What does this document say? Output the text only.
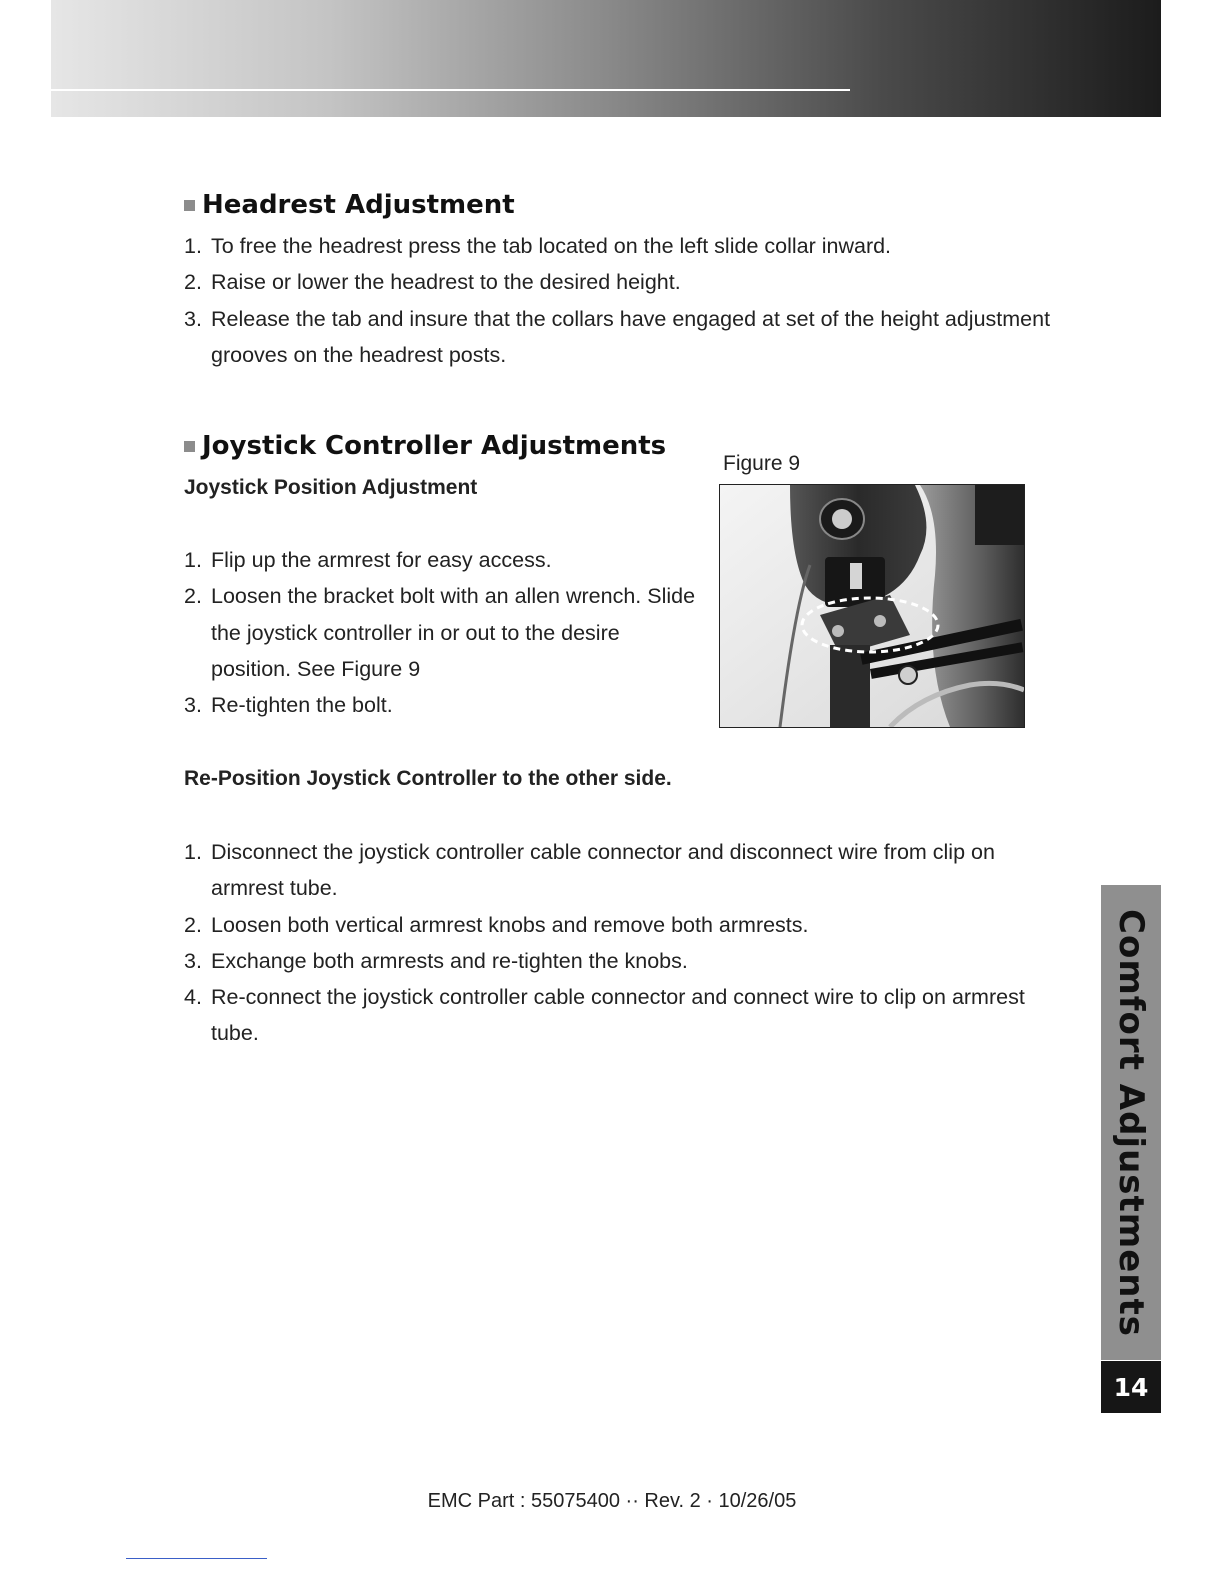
Headrest Adjustment
1. To free the headrest press the tab located on the left slide collar inward.
2. Raise or lower the headrest to the desired height.
3. Release the tab and insure that the collars have engaged at set of the height adjustment grooves on the headrest posts.
Joystick Controller Adjustments
Joystick Position Adjustment
1. Flip up the armrest for easy access.
2. Loosen the bracket bolt with an allen wrench. Slide the joystick controller in or out to the desire position. See Figure 9
3. Re-tighten the bolt.
Figure 9
Re-Position Joystick Controller to the other side.
1. Disconnect the joystick controller cable connector and disconnect wire from clip on armrest tube.
2. Loosen both vertical armrest knobs and remove both armrests.
3. Exchange both armrests and re-tighten the knobs.
4. Re-connect the joystick controller cable connector and connect wire to clip on armrest tube.	Comfort Adjustments
14
EMC Part : 55075400 ·· Rev. 2 · 10/26/05
